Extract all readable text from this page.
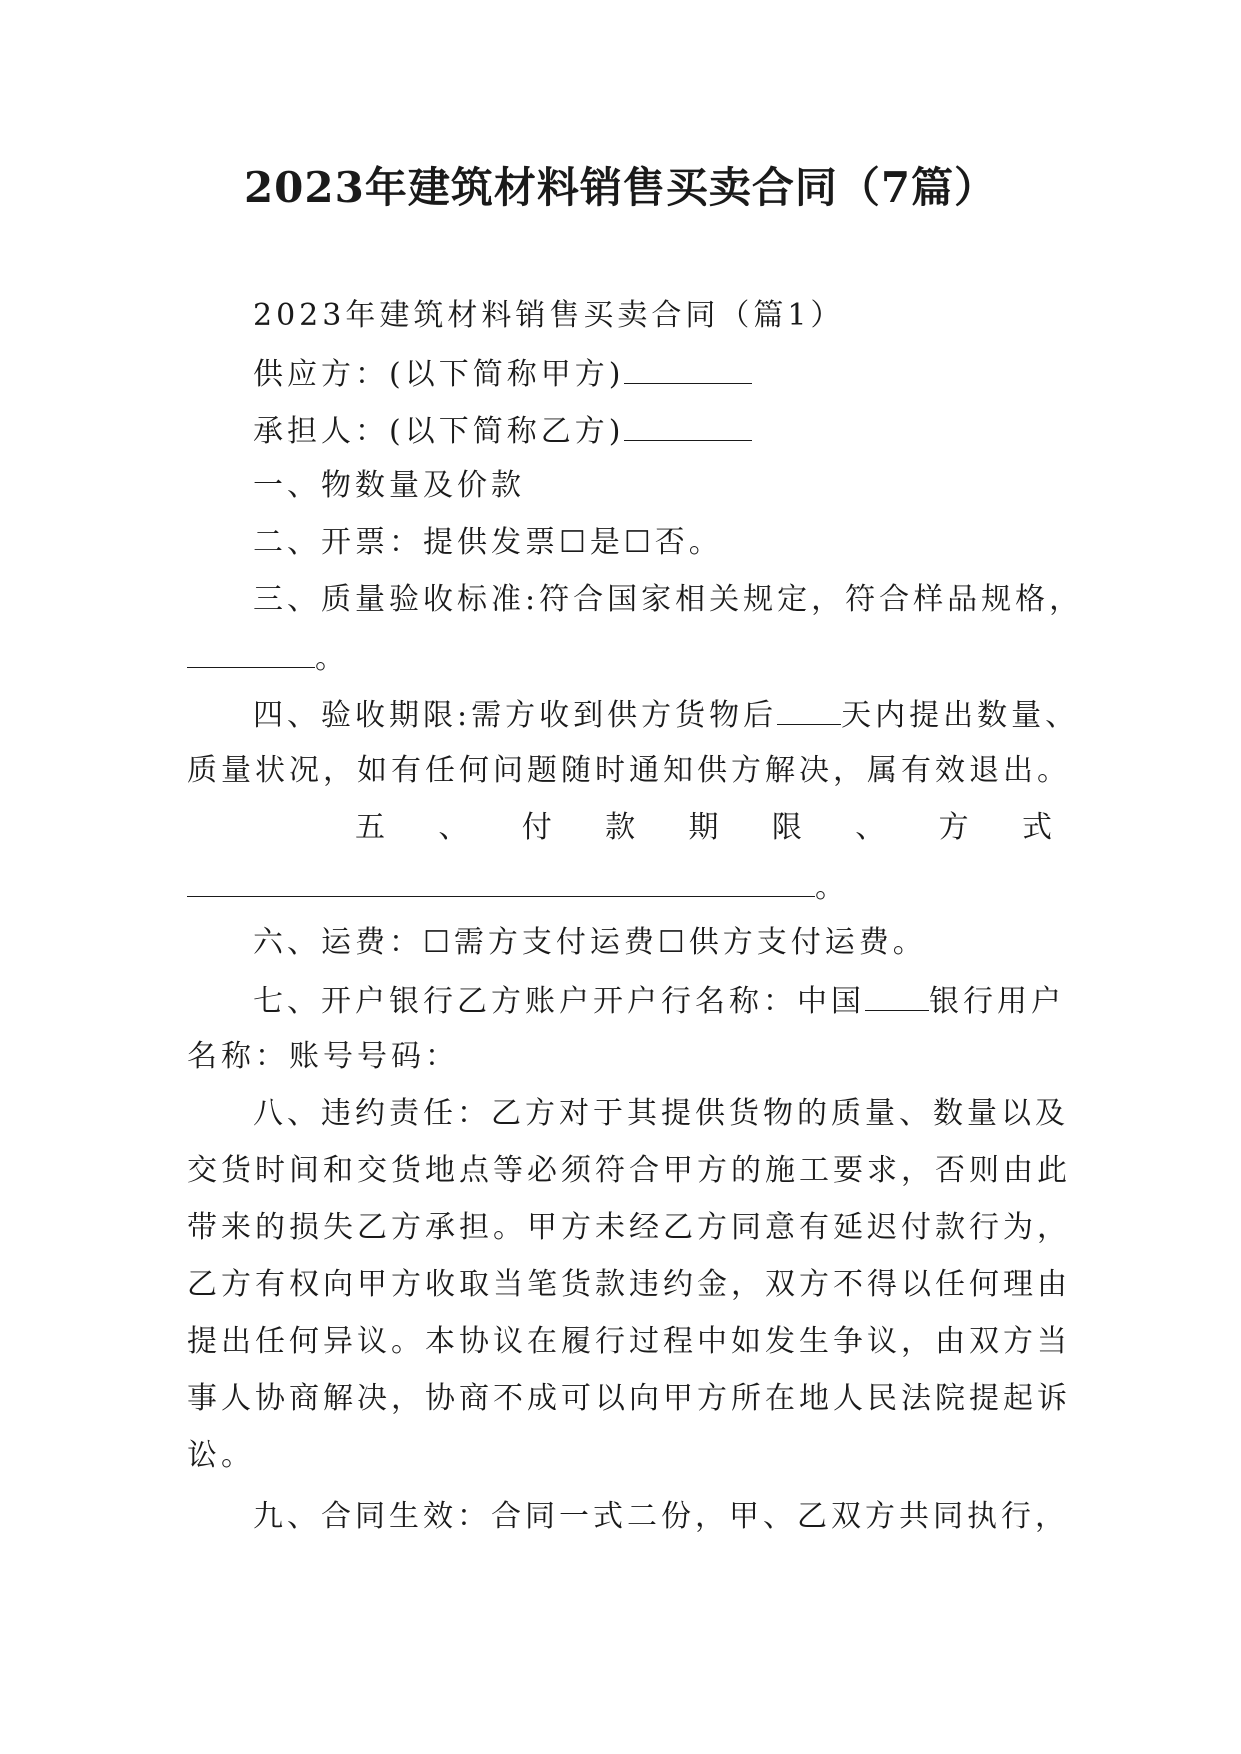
2023年建筑材料销售买卖合同（7篇）
2023年建筑材料销售买卖合同（篇1）
供应方：(以下简称甲方)
承担人：(以下简称乙方)
一、物数量及价款
二、开票：提供发票☐是☐否。
三、质量验收标准:符合国家相关规定，符合样品规格，
。
四、验收期限:需方收到供方货物后 天内提出数量、
质量状况，如有任何问题随时通知供方解决，属有效退出。
五 、 付 款 期 限 、 方 式
。
六、运费：☐需方支付运费☐供方支付运费。
七、开户银行乙方账户开户行名称：中国 银行用户
名称：账号号码：
八、违约责任：乙方对于其提供货物的质量、数量以及
交货时间和交货地点等必须符合甲方的施工要求，否则由此
带来的损失乙方承担。甲方未经乙方同意有延迟付款行为，
乙方有权向甲方收取当笔货款违约金，双方不得以任何理由
提出任何异议。本协议在履行过程中如发生争议，由双方当
事人协商解决，协商不成可以向甲方所在地人民法院提起诉
讼。
九、合同生效：合同一式二份，甲、乙双方共同执行，
